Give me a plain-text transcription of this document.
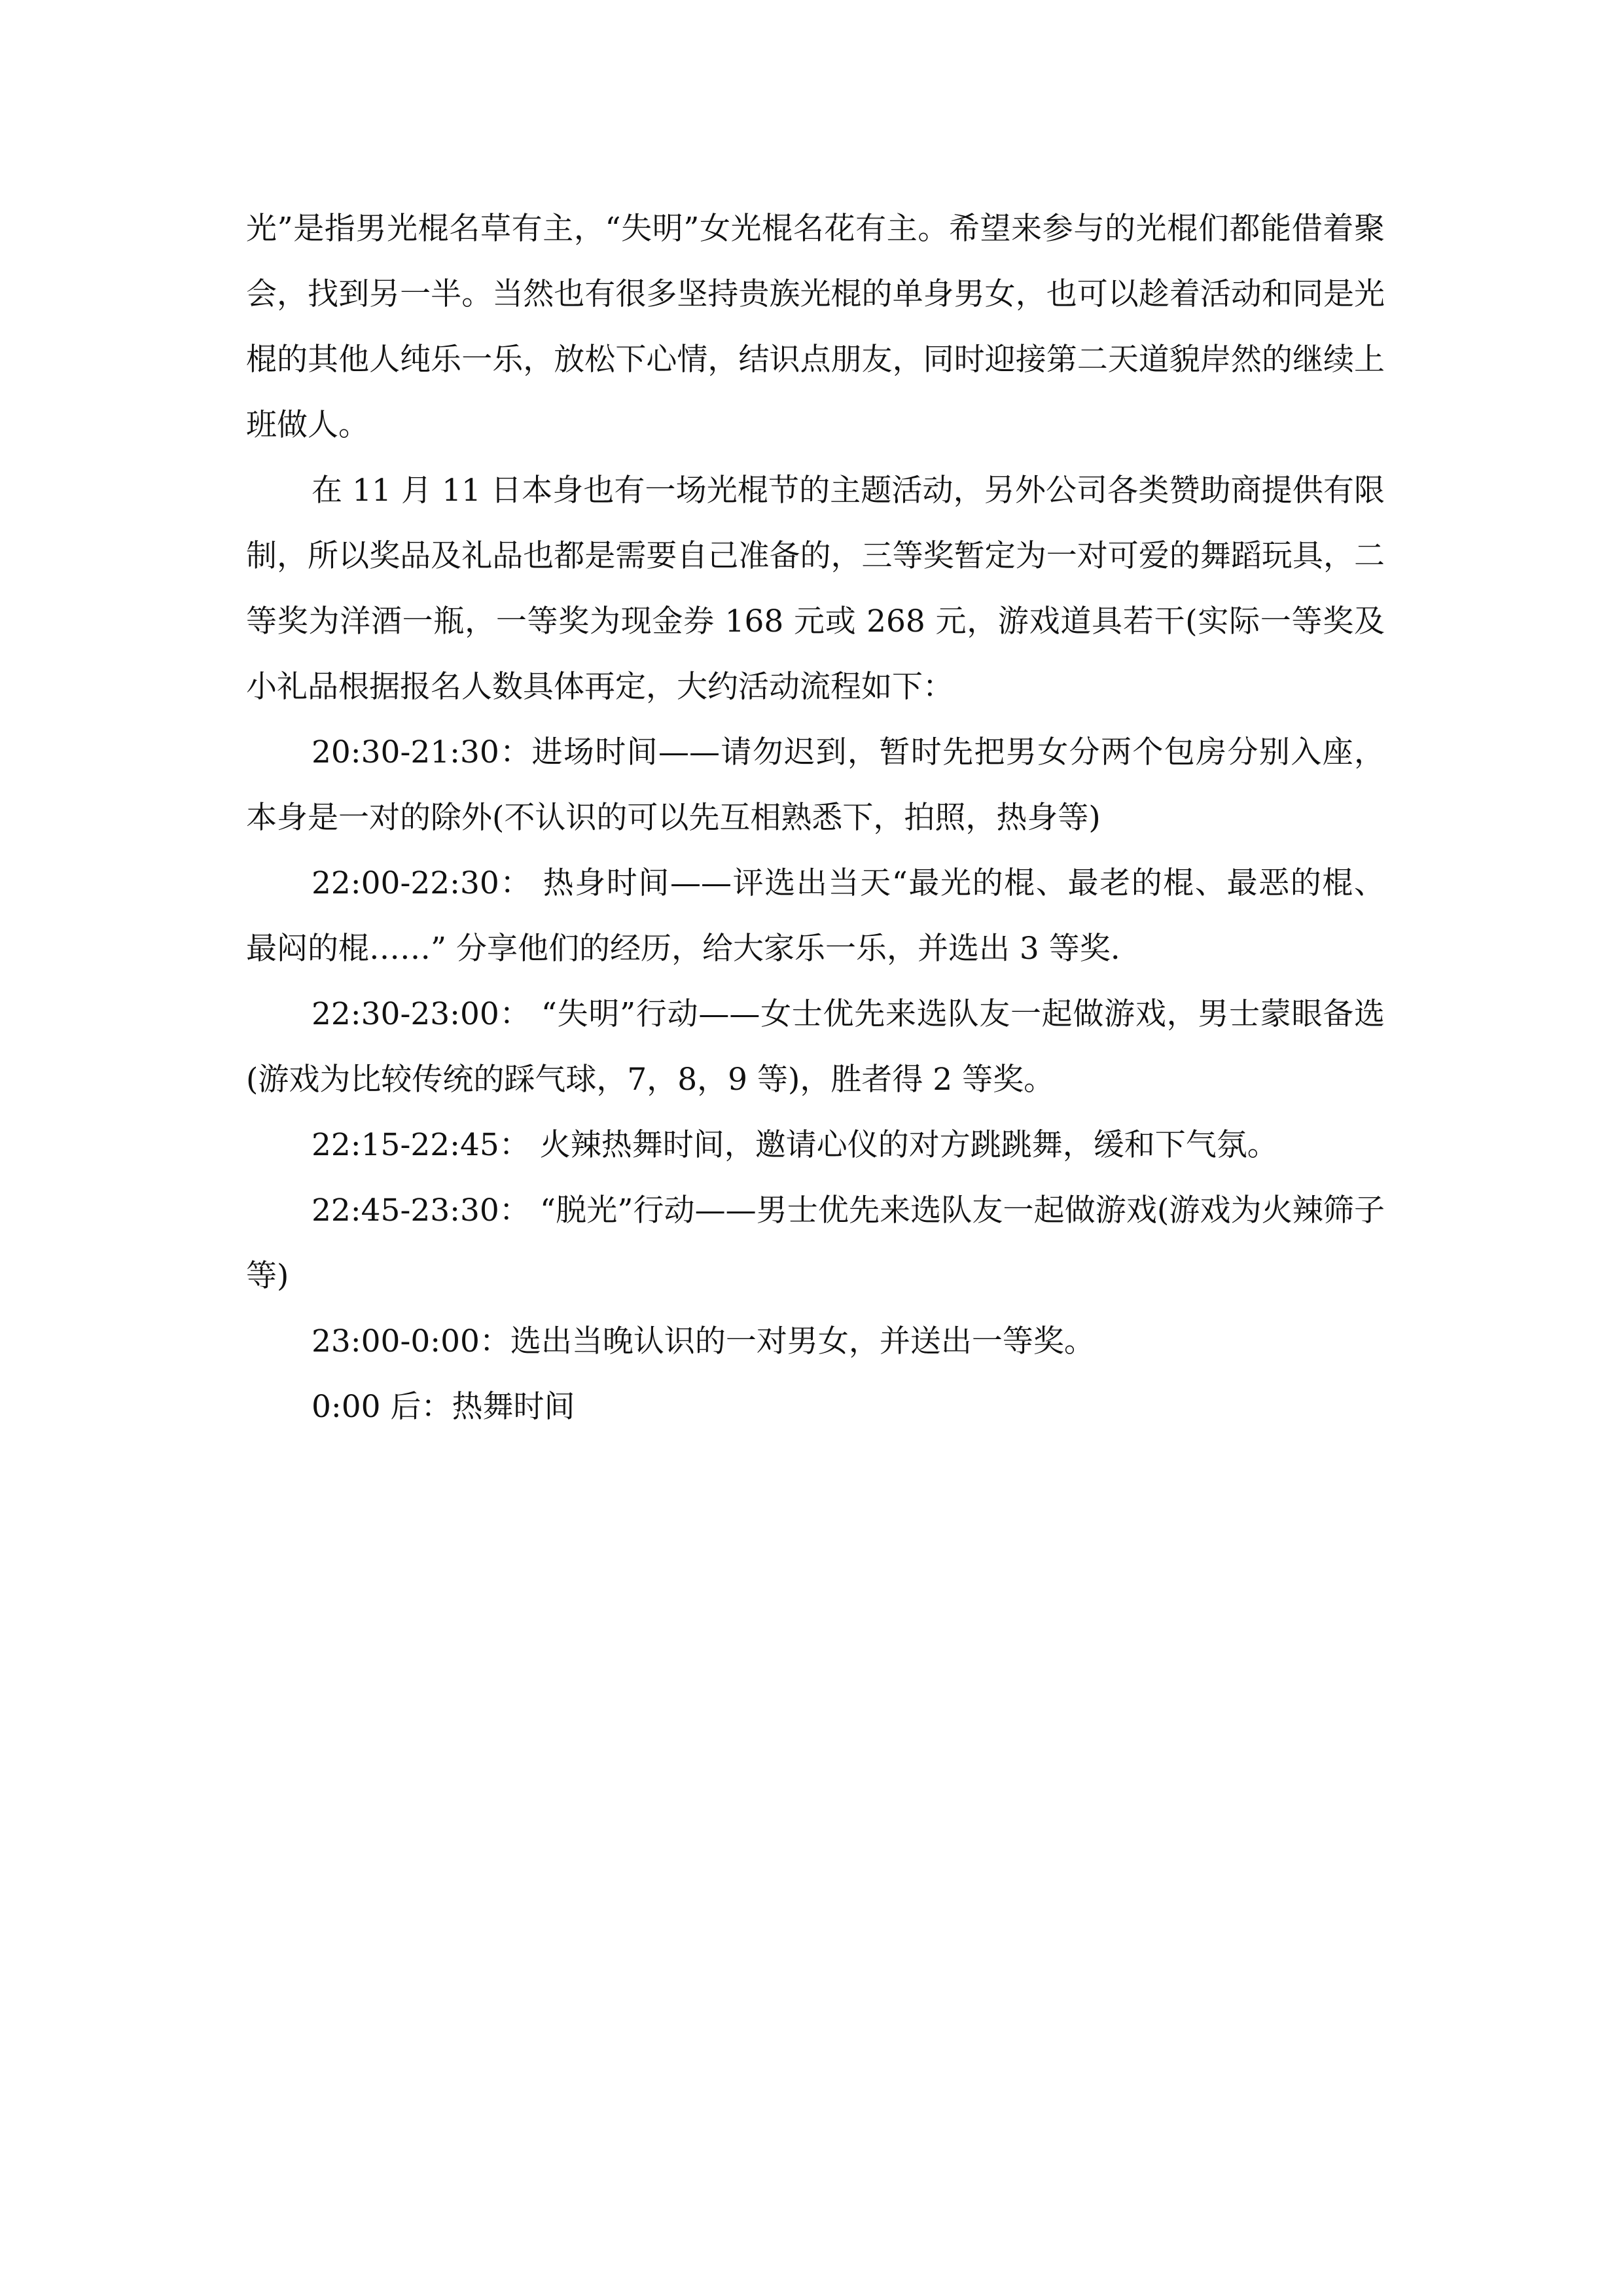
光”是指男光棍名草有主，“失明”女光棍名花有主。希望来参与的光棍们都能借着聚会，找到另一半。当然也有很多坚持贵族光棍的单身男女，也可以趁着活动和同是光棍的其他人纯乐一乐，放松下心情，结识点朋友，同时迎接第二天道貌岸然的继续上班做人。

在 11 月 11 日本身也有一场光棍节的主题活动，另外公司各类赞助商提供有限制，所以奖品及礼品也都是需要自己准备的，三等奖暂定为一对可爱的舞蹈玩具，二等奖为洋酒一瓶，一等奖为现金券 168 元或 268 元，游戏道具若干(实际一等奖及小礼品根据报名人数具体再定，大约活动流程如下：

20:30-21:30：进场时间——请勿迟到，暂时先把男女分两个包房分别入座，本身是一对的除外(不认识的可以先互相熟悉下，拍照，热身等)

22:00-22:30： 热身时间——评选出当天“最光的棍、最老的棍、最恶的棍、最闷的棍……” 分享他们的经历，给大家乐一乐，并选出 3 等奖.

22:30-23:00： “失明”行动——女士优先来选队友一起做游戏，男士蒙眼备选(游戏为比较传统的踩气球，7，8，9 等)，胜者得 2 等奖。

22:15-22:45： 火辣热舞时间，邀请心仪的对方跳跳舞，缓和下气氛。

22:45-23:30： “脱光”行动——男士优先来选队友一起做游戏(游戏为火辣筛子等)

23:00-0:00：选出当晚认识的一对男女，并送出一等奖。

0:00 后：热舞时间
